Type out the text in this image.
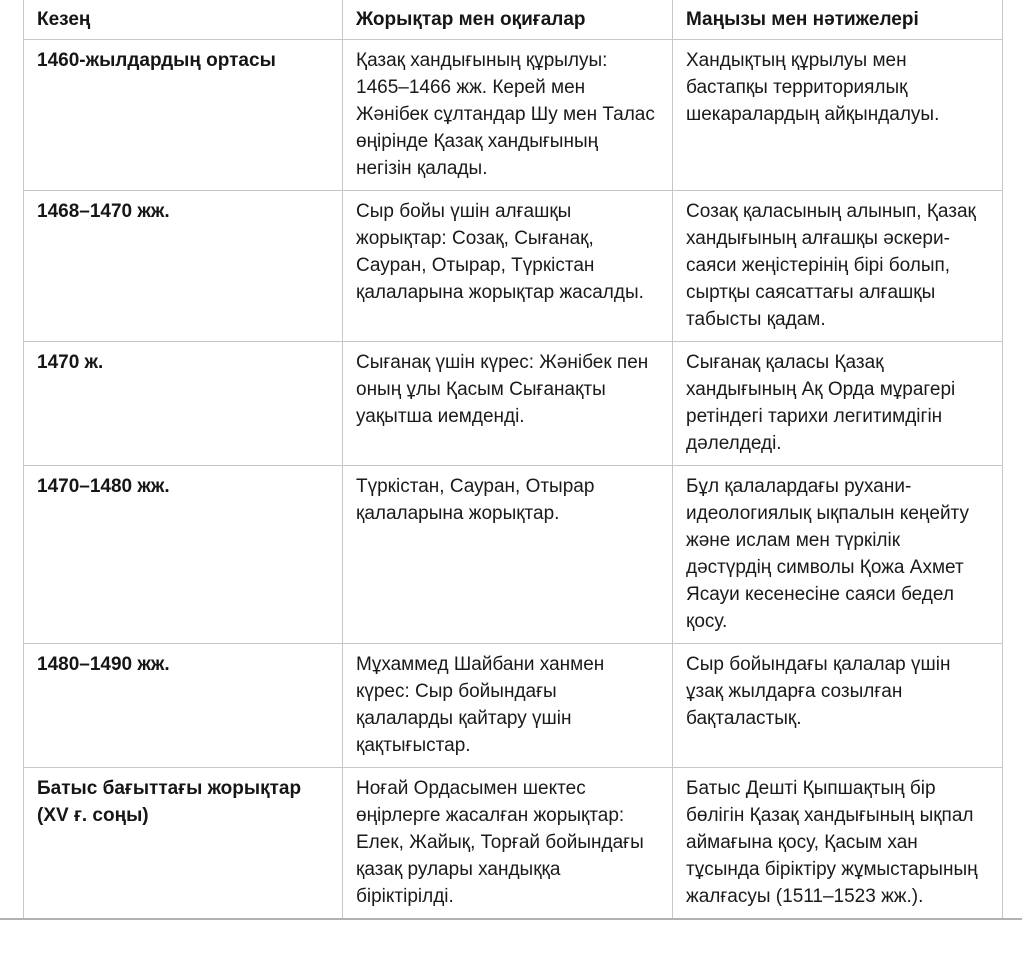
Кезең	Жорықтар мен оқиғалар	Маңызы мен нәтижелері
1460-жылдардың ортасы	Қазақ хандығының құрылуы: 1465–1466 жж. Керей мен Жәнібек сұлтандар Шу мен Талас өңірінде Қазақ хандығының негізін қалады.	Хандықтың құрылуы мен бастапқы территориялық шекаралардың айқындалуы.
1468–1470 жж.	Сыр бойы үшін алғашқы жорықтар: Созақ, Сығанақ, Сауран, Отырар, Түркістан қалаларына жорықтар жасалды.	Созақ қаласының алынып, Қазақ хандығының алғашқы әскери-саяси жеңістерінің бірі болып, сыртқы саясаттағы алғашқы табысты қадам.
1470 ж.	Сығанақ үшін күрес: Жәнібек пен оның ұлы Қасым Сығанақты уақытша иемденді.	Сығанақ қаласы Қазақ хандығының Ақ Орда мұрагері ретіндегі тарихи легитимдігін дәлелдеді.
1470–1480 жж.	Түркістан, Сауран, Отырар қалаларына жорықтар.	Бұл қалалардағы рухани-идеологиялық ықпалын кеңейту және ислам мен түркілік дәстүрдің символы Қожа Ахмет Ясауи кесенесіне саяси бедел қосу.
1480–1490 жж.	Мұхаммед Шайбани ханмен күрес: Сыр бойындағы қалаларды қайтару үшін қақтығыстар.	Сыр бойындағы қалалар үшін ұзақ жылдарға созылған бақталастық.
Батыс бағыттағы жорықтар (XV ғ. соңы)	Ноғай Ордасымен шектес өңірлерге жасалған жорықтар: Елек, Жайық, Торғай бойындағы қазақ рулары хандыққа біріктірілді.	Батыс Дешті Қыпшақтың бір бөлігін Қазақ хандығының ықпал аймағына қосу, Қасым хан тұсында біріктіру жұмыстарының жалғасуы (1511–1523 жж.).
